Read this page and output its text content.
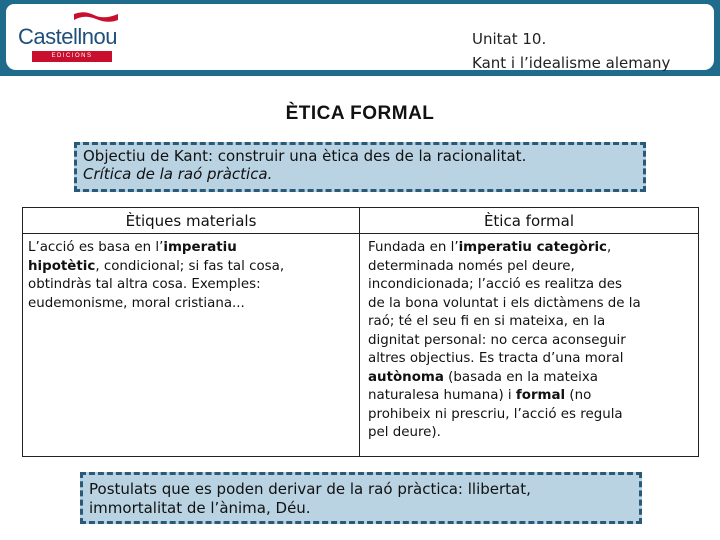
Castellnou
EDICIONS
Unitat 10.
Kant i l’idealisme alemany
ÈTICA FORMAL
Objectiu de Kant: construir una ètica des de la racionalitat.
Crítica de la raó pràctica.
Ètiques materials	Ètica formal
L’acció es basa en l’imperatiu
hipotètic, condicional; si fas tal cosa,
obtindràs tal altra cosa. Exemples:
eudemonisme, moral cristiana...
Fundada en l’imperatiu categòric,
determinada només pel deure,
incondicionada; l’acció es realitza des
de la bona voluntat i els dictàmens de la
raó; té el seu fi en si mateixa, en la
dignitat personal: no cerca aconseguir
altres objectius. Es tracta d’una moral
autònoma (basada en la mateixa
naturalesa humana) i formal (no
prohibeix ni prescriu, l’acció es regula
pel deure).
Postulats que es poden derivar de la raó pràctica: llibertat,
immortalitat de l’ànima, Déu.
